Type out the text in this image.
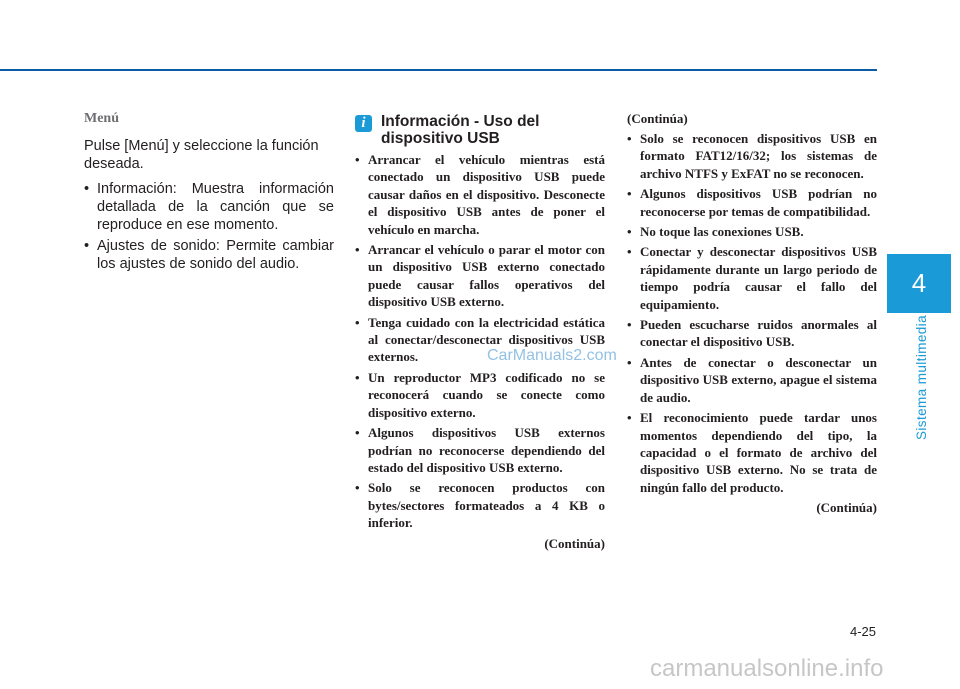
4
Sistema multimedia
Menú

Pulse [Menú] y seleccione la función deseada.

• Información: Muestra información detallada de la canción que se reproduce en ese momento.
• Ajustes de sonido: Permite cambiar los ajustes de sonido del audio.
i Información - Uso del dispositivo USB
• Arrancar el vehículo mientras está conectado un dispositivo USB puede causar daños en el dispositivo. Desconecte el dispositivo USB antes de poner el vehículo en marcha.
• Arrancar el vehículo o parar el motor con un dispositivo USB externo conectado puede causar fallos operativos del dispositivo USB externo.
• Tenga cuidado con la electricidad estática al conectar/desconectar dispositivos USB externos.
• Un reproductor MP3 codificado no se reconocerá cuando se conecte como dispositivo externo.
• Algunos dispositivos USB externos podrían no reconocerse dependiendo del estado del dispositivo USB externo.
• Solo se reconocen productos con bytes/sectores formateados a 4 KB o inferior.
(Continúa)
(Continúa)
• Solo se reconocen dispositivos USB en formato FAT12/16/32; los sistemas de archivo NTFS y ExFAT no se reconocen.
• Algunos dispositivos USB podrían no reconocerse por temas de compatibilidad.
• No toque las conexiones USB.
• Conectar y desconectar dispositivos USB rápidamente durante un largo periodo de tiempo podría causar el fallo del equipamiento.
• Pueden escucharse ruidos anormales al conectar el dispositivo USB.
• Antes de conectar o desconectar un dispositivo USB externo, apague el sistema de audio.
• El reconocimiento puede tardar unos momentos dependiendo del tipo, la capacidad o el formato de archivo del dispositivo USB externo. No se trata de ningún fallo del producto.
(Continúa)
4-25
CarManuals2.com
carmanualsonline.info
